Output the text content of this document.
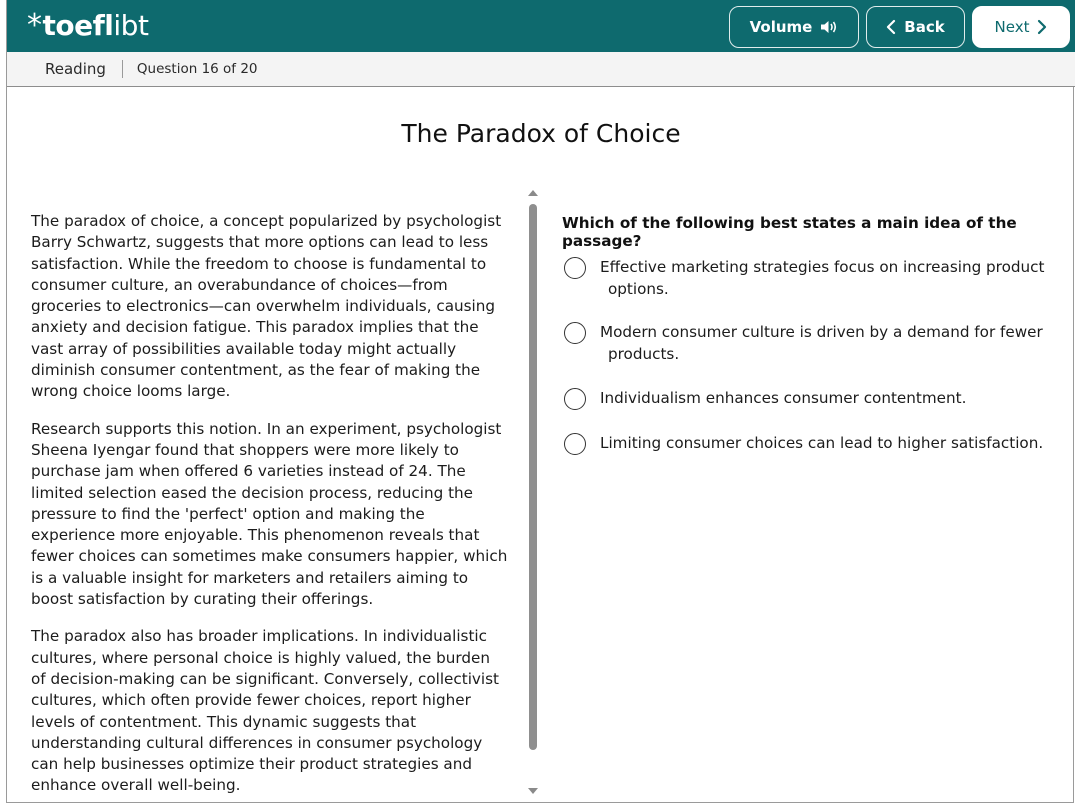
*toeflibt	Volume	Back	Next
Reading Question 16 of 20
The Paradox of Choice

The paradox of choice, a concept popularized by psychologist Barry Schwartz, suggests that more options can lead to less satisfaction. While the freedom to choose is fundamental to consumer culture, an overabundance of choices—from groceries to electronics—can overwhelm individuals, causing anxiety and decision fatigue. This paradox implies that the vast array of possibilities available today might actually diminish consumer contentment, as the fear of making the wrong choice looms large.

Research supports this notion. In an experiment, psychologist Sheena Iyengar found that shoppers were more likely to purchase jam when offered 6 varieties instead of 24. The limited selection eased the decision process, reducing the pressure to find the 'perfect' option and making the experience more enjoyable. This phenomenon reveals that fewer choices can sometimes make consumers happier, which is a valuable insight for marketers and retailers aiming to boost satisfaction by curating their offerings.

The paradox also has broader implications. In individualistic cultures, where personal choice is highly valued, the burden of decision-making can be significant. Conversely, collectivist cultures, which often provide fewer choices, report higher levels of contentment. This dynamic suggests that understanding cultural differences in consumer psychology can help businesses optimize their product strategies and enhance overall well-being.

Which of the following best states a main idea of the passage?
Effective marketing strategies focus on increasing product options.
Modern consumer culture is driven by a demand for fewer products.
Individualism enhances consumer contentment.
Limiting consumer choices can lead to higher satisfaction.
